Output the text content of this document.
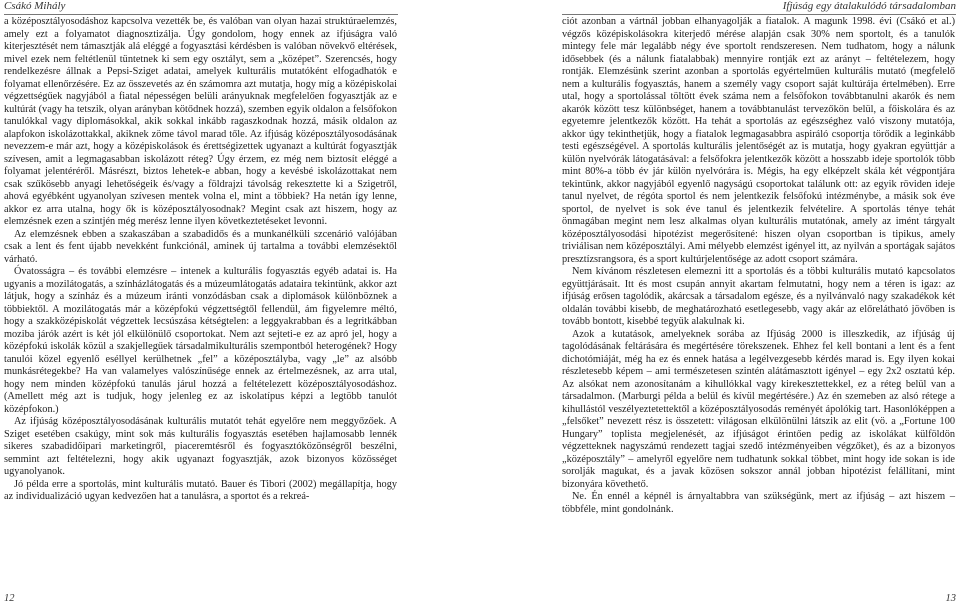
Csákó Mihály

a középosztályosodáshoz kapcsolva vezették be, és valóban van olyan hazai struktúraelemzés, amely ezt a folyamatot diagnosztizálja. Úgy gondolom, hogy ennek az ifjúságra való kiterjesztését nem támasztják alá eléggé a fogyasztási kérdésben is valóban növekvő eltérések, mivel ezek nem feltétlenül tüntetnek ki sem egy osztályt, sem a „középet”. Szerencsés, hogy rendelkezésre állnak a Pepsi-Sziget adatai, amelyek kulturális mutatóként elfogadhatók e folyamat ellenőrzésére. Ez az összevetés az én számomra azt mutatja, hogy míg a középiskolai végzettségűek nagyjából a fiatal népességen belüli arányuknak megfelelően fogyasztják az e kultúrát (vagy ha tetszik, olyan arányban kötődnek hozzá), szemben egyik oldalon a felsőfokon tanulókkal vagy diplomásokkal, akik sokkal inkább ragaszkodnak hozzá, másik oldalon az alapfokon iskolázottakkal, akiknek zöme távol marad tőle. Az ifjúság középosztályosodásának nevezzem-e már azt, hogy a középiskolások és érettségizettek ugyanazt a kultúrát fogyasztják szívesen, amit a legmagasabban iskolázott réteg? Úgy érzem, ez még nem biztosít eléggé a folyamat jelentéréről. Másrészt, biztos lehetek-e abban, hogy a kevésbé iskolázottakat nem csak szűkösebb anyagi lehetőségeik és/vagy a földrajzi távolság rekesztette ki a Szigetről, ahová egyébként ugyanolyan szívesen mentek volna el, mint a többiek? Ha netán így lenne, akkor ez arra utalna, hogy ők is középosztályosodnak? Megint csak azt hiszem, hogy az elemzésnek ezen a szintjén még merész lenne ilyen következtetéseket levonni.

Az elemzésnek ebben a szakaszában a szabadidős és a munkanélküli szcenárió valójában csak a lent és fent újabb nevekként funkciónál, aminek új tartalma a további elemzésektől várható.

Óvatosságra – és további elemzésre – intenek a kulturális fogyasztás egyéb adatai is. Ha ugyanis a mozilátogatás, a színházlátogatás és a múzeumlátogatás adataira tekintünk, akkor azt látjuk, hogy a színház és a múzeum iránti vonzódásban csak a diplomások különböznek a többiektől. A mozilátogatás már a középfokú végzettségtől fellendül, ám figyelemre méltó, hogy a szakközépiskolát végzettek lecsúszása kétségtelen: a leggyakrabban és a legritkábban moziba járók azért is két jól elkülönülő csoportokat. Nem azt sejteti-e ez az apró jel, hogy a középfokú iskolák közül a szakjellegűek társadalmikulturális szempontból heterogének? Hogy tanulói közel egyenlő eséllyel kerülhetnek „fel” a középosztályba, vagy „le” az alsóbb munkásrétegekbe? Ha van valamelyes valószínűsége ennek az értelmezésnek, az arra utal, hogy nem minden középfokú tanulás járul hozzá a feltételezett középosztályosodáshoz. (Amellett még azt is tudjuk, hogy jelenleg ez az iskolatípus képzi a legtöbb tanulót középfokon.)

Az ifjúság középosztályosodásának kulturális mutatót tehát egyelőre nem meggyőzőek. A Sziget esetében csakúgy, mint sok más kulturális fogyasztás esetében hajlamosabb lennék sikeres szabadidőipari marketingről, piaceremtésről és fogyasztóközönségről beszélni, semmint azt feltételezni, hogy akik ugyanazt fogyasztják, azok bizonyos közösséget ugyanolyanok.

Jó példa erre a sportolás, mint kulturális mutató. Bauer és Tibori (2002) megállapítja, hogy az individualizáció ugyan kedvezően hat a tanulásra, a sportot és a rekreá-

Ifjúság egy átalakulódó társadalomban

ciót azonban a vártnál jobban elhanyagolják a fiatalok. A magunk 1998. évi (Csákó et al.) végzős középiskolásokra kiterjedő mérése alapján csak 30% nem sportolt, és a tanulók mintegy fele már legalább négy éve sportolt rendszeresen. Nem tudhatom, hogy a nálunk idősebbek (és a nálunk fiatalabbak) mennyire rontják ezt az arányt – feltételezem, hogy rontják. Elemzésünk szerint azonban a sportolás egyértelműen kulturális mutató (megfelelő nem a kulturális fogyasztás, hanem a személy vagy csoport saját kultúrája értelmében). Erre utal, hogy a sportolással töltött évek száma nem a felsőfokon továbbtanulni akarók és nem akarók között tesz különbséget, hanem a továbbtanulást tervezőkön belül, a főiskolára és az egyetemre jelentkezők között. Ha tehát a sportolás az egészséghez való viszony mutatója, akkor úgy tekinthetjük, hogy a fiatalok legmagasabbra aspiráló csoportja törődik a leginkább testi egészségével. A sportolás kulturális jelentőségét az is mutatja, hogy gyakran együttjár a külön nyelvórák látogatásával: a felsőfokra jelentkezők között a hosszabb ideje sportolók több mint 80%-a több év jár külön nyelvórára is. Mégis, ha egy elképzelt skála két végpontjára tekintünk, akkor nagyjából egyenlő nagyságú csoportokat találunk ott: az egyik röviden ideje tanul nyelvet, de régóta sportol és nem jelentkezik felsőfokú intézménybe, a másik sok éve sportol, de nyelvet is sok éve tanul és jelentkezik felvételire. A sportolás ténye tehát önmagában megint nem lesz alkalmas olyan kulturális mutatónak, amely az imént tárgyalt középosztályosodási hipotézist megerősítené: hiszen olyan csoportban is tipikus, amely triviálisan nem középosztályi. Ami mélyebb elemzést igényel itt, az nyilván a sportágak sajátos presztízsrangsora, és a sport kultúrjelentősége az adott csoport számára.

Nem kívánom részletesen elemezni itt a sportolás és a többi kulturális mutató kapcsolatos együttjárásait. Itt és most csupán annyit akartam felmutatni, hogy nem a téren is igaz: az ifjúság erősen tagolódik, akárcsak a társadalom egésze, és a nyilvánvaló nagy szakadékok két oldalán további kisebb, de meghatározható esetlegesebb, vagy akár az előrelátható jövőben is tovább bontott, kisebbé tegyük alakulnak ki.

Azok a kutatások, amelyeknek sorába az Ifjúság 2000 is illeszkedik, az ifjúság új tagolódásának feltárására és megértésére törekszenek. Ehhez fel kell bontani a lent és a fent dichotómiáját, még ha ez és ennek hatása a legélvezgesebb kérdés marad is. Egy ilyen kokai részletesebb képem – ami természetesen szintén alátámasztott igényel – egy 2x2 osztatú kép. Az alsókat nem azonosítanám a kihullókkal vagy kirekesztettekkel, ez a réteg belül van a társadalmon. (Marburgi példa a belül és kívül megértésére.) Az én szemeben az alsó rétege a kihullástól veszélyeztetettektől a középosztályosodás reményét ápolókig tart. Hasonlóképpen a „felsőket” nevezett rész is összetett: világosan elkülönülni látszik az elit (vö. a „Fortune 100 Hungary” toplista megjelenését, az ifjúságot érintően pedig az iskolákat külföldön végzetteknek nagyszámú rendezett tagjai szedő intézményeiben végzőket), és az a bizonyos „középosztály” – amelyről egyelőre nem tudhatunk sokkal többet, mint hogy ide sokan is ide sorolják magukat, és a javak közösen sokszor annál jobban hipotézist felállítani, mint bizonyára követhető.

Ne. Én ennél a képnél is árnyaltabbra van szükségünk, mert az ifjúság – azt hiszem – többféle, mint gondolnánk.

12	13
